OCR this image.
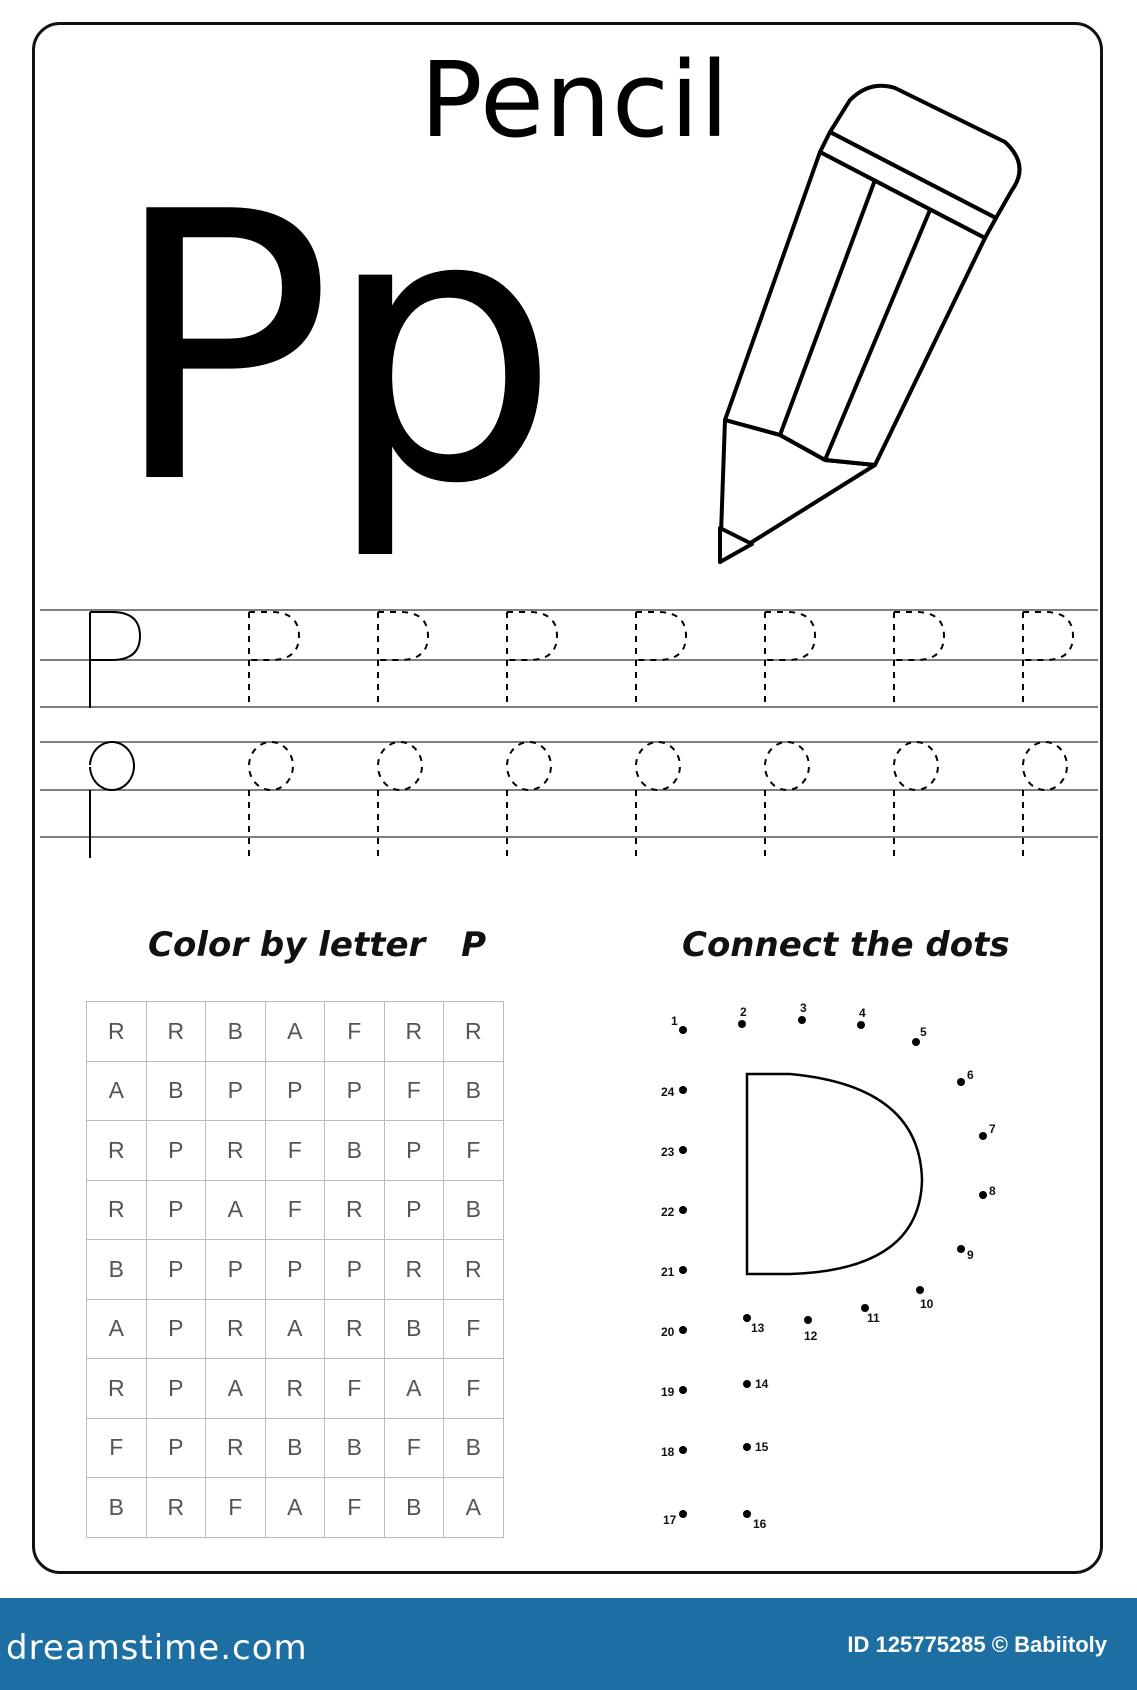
Pencil
Pp
Color by letter P	Connect the dots
R	R	B	A	F	R	R
A	B	P	P	P	F	B
R	P	R	F	B	P	F
R	P	A	F	R	P	B
B	P	P	P	P	R	R
A	P	R	A	R	B	F
R	P	A	R	F	A	F
F	P	R	B	B	F	B
B	R	F	A	F	B	A
1
2	3	4
5
6
7
8
9
10
11
12
13
14
15
16
17
18
19
20
21
22
23
24
dreamstime.com	ID 125775285 © Babiitoly
